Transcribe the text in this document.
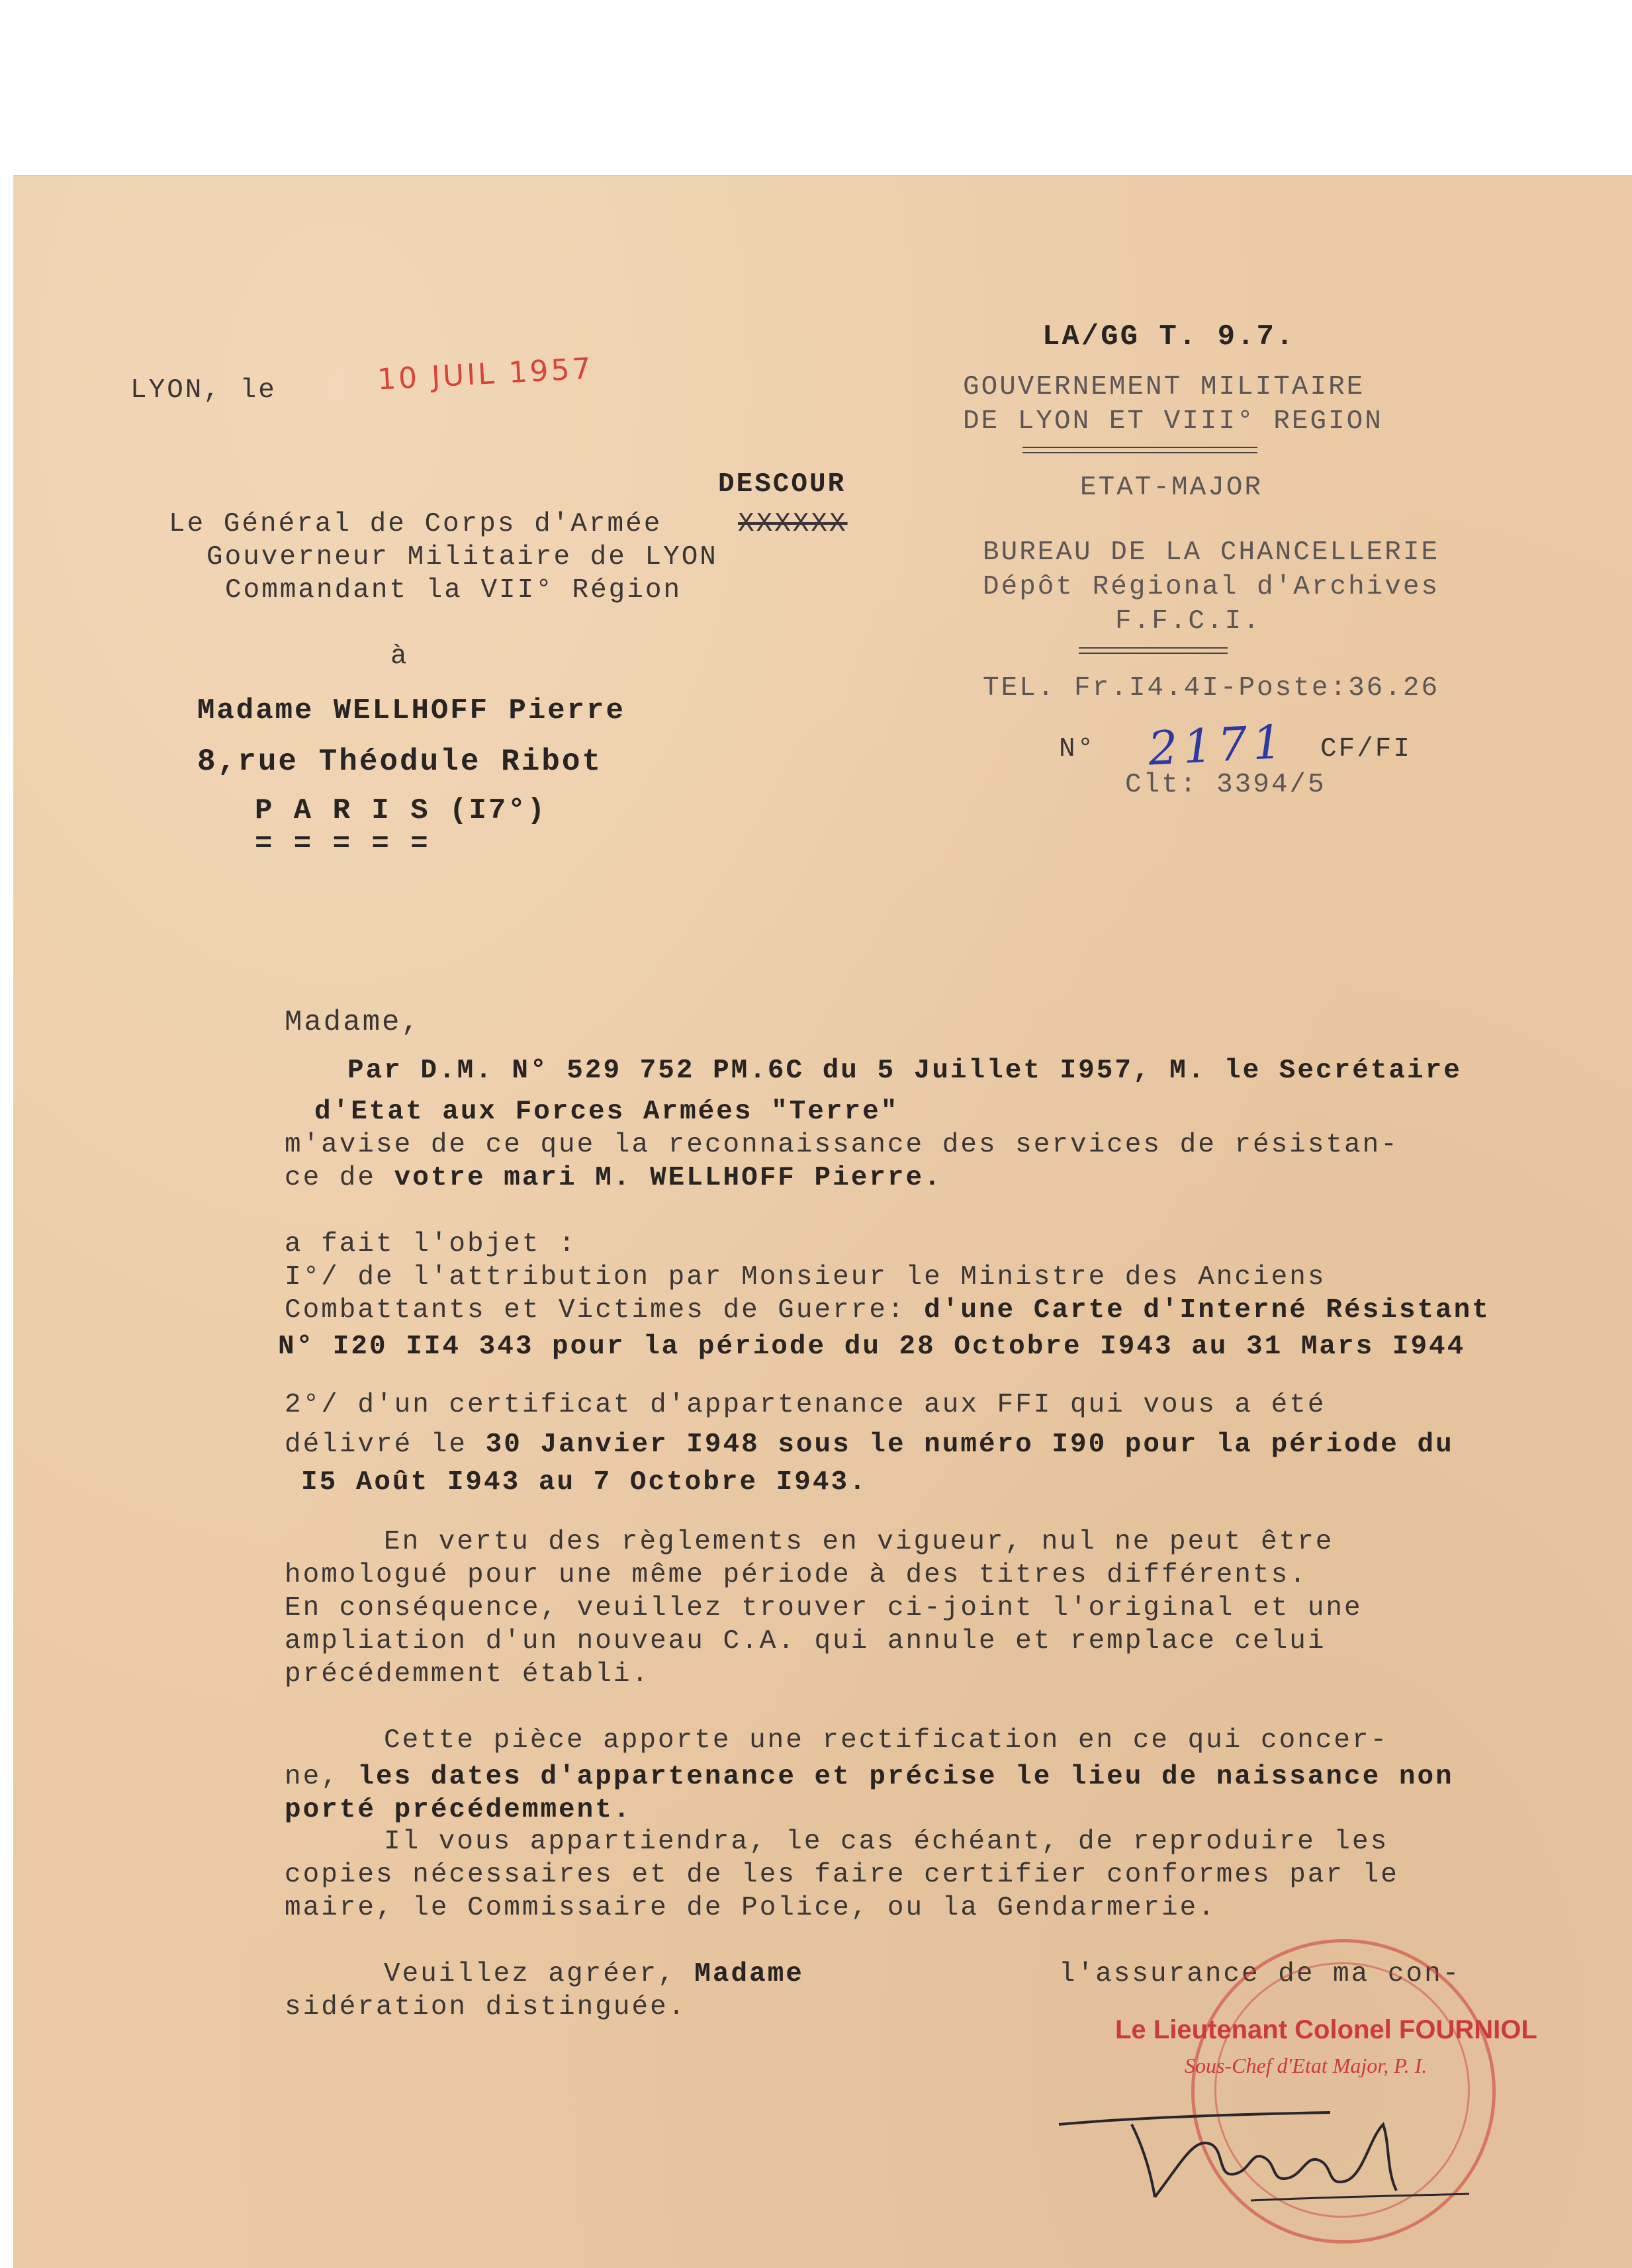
LA/GG T. 9.7.
GOUVERNEMENT MILITAIRE
DE LYON ET VIII° REGION
ETAT-MAJOR
BUREAU DE LA CHANCELLERIE
Dépôt Régional d'Archives
F.F.C.I.
TEL. Fr.I4.4I-Poste:36.26
N° 2171 CF/FI
Clt: 3394/5
LYON, le	10 JUIL 1957
DESCOUR
Le Général de Corps d'Armée	XXXXXX
Gouverneur Militaire de LYON
Commandant la VII° Région
à
Madame WELLHOFF Pierre
8,rue Théodule Ribot
P A R I S (I7°)
= = = = =
Madame,
Par D.M. N° 529 752 PM.6C du 5 Juillet I957, M. le Secrétaire
d'Etat aux Forces Armées "Terre"
m'avise de ce que la reconnaissance des services de résistan-
ce de votre mari M. WELLHOFF Pierre.
a fait l'objet :
I°/ de l'attribution par Monsieur le Ministre des Anciens
Combattants et Victimes de Guerre: d'une Carte d'Interné Résistant
N° I20 II4 343 pour la période du 28 Octobre I943 au 31 Mars I944
2°/ d'un certificat d'appartenance aux FFI qui vous a été
délivré le 30 Janvier I948 sous le numéro I90 pour la période du
I5 Août I943 au 7 Octobre I943.
En vertu des règlements en vigueur, nul ne peut être
homologué pour une même période à des titres différents.
En conséquence, veuillez trouver ci-joint l'original et une
ampliation d'un nouveau C.A. qui annule et remplace celui
précédemment établi.
Cette pièce apporte une rectification en ce qui concer-
ne, les dates d'appartenance et précise le lieu de naissance non
porté précédemment.
Il vous appartiendra, le cas échéant, de reproduire les
copies nécessaires et de les faire certifier conformes par le
maire, le Commissaire de Police, ou la Gendarmerie.
Veuillez agréer, Madame	l'assurance de ma con-
sidération distinguée.
Le Lieutenant Colonel FOURNIOL
Sous-Chef d'Etat Major, P. I.
